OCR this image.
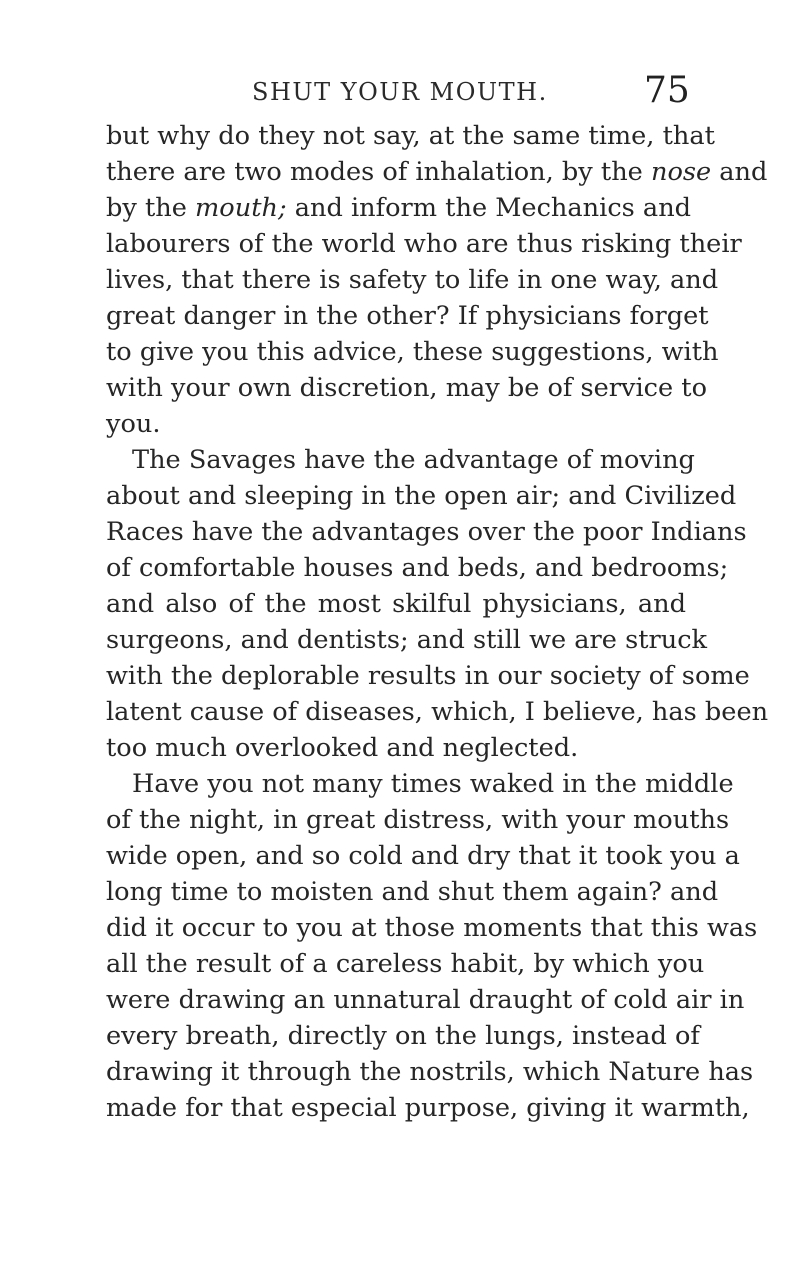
SHUT YOUR MOUTH.	75
but why do they not say, at the same time, that
there are two modes of inhalation, by the nose and
by the mouth; and inform the Mechanics and
labourers of the world who are thus risking their
lives, that there is safety to life in one way, and
great danger in the other? If physicians forget
to give you this advice, these suggestions, with
with your own discretion, may be of service to
you.
The Savages have the advantage of moving
about and sleeping in the open air; and Civilized
Races have the advantages over the poor Indians
of comfortable houses and beds, and bedrooms;
and also of the most skilful physicians, and
surgeons, and dentists; and still we are struck
with the deplorable results in our society of some
latent cause of diseases, which, I believe, has been
too much overlooked and neglected.
Have you not many times waked in the middle
of the night, in great distress, with your mouths
wide open, and so cold and dry that it took you a
long time to moisten and shut them again? and
did it occur to you at those moments that this was
all the result of a careless habit, by which you
were drawing an unnatural draught of cold air in
every breath, directly on the lungs, instead of
drawing it through the nostrils, which Nature has
made for that especial purpose, giving it warmth,
